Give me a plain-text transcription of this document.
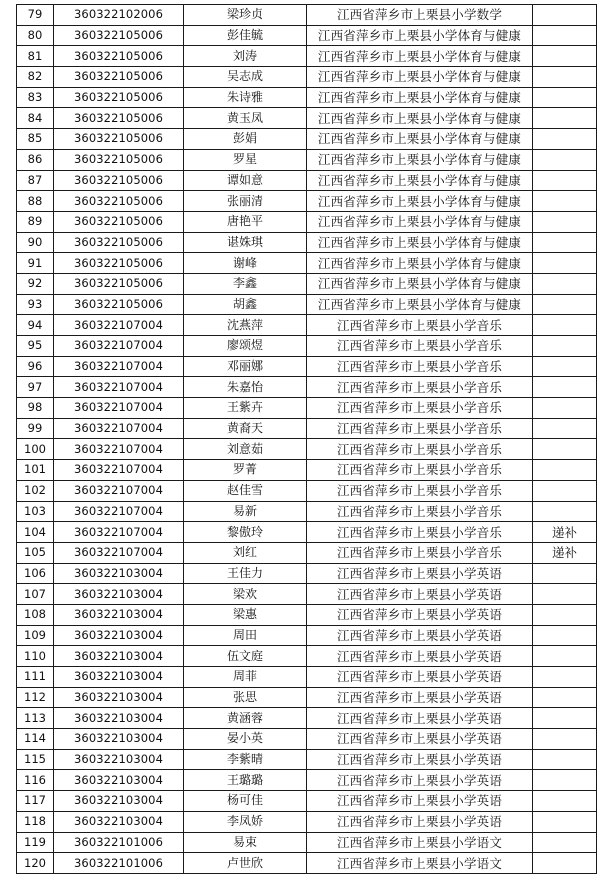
79	360322102006	梁珍贞	江西省萍乡市上栗县小学数学	
80	360322105006	彭佳毓	江西省萍乡市上栗县小学体育与健康	
81	360322105006	刘涛	江西省萍乡市上栗县小学体育与健康	
82	360322105006	吴志成	江西省萍乡市上栗县小学体育与健康	
83	360322105006	朱诗雅	江西省萍乡市上栗县小学体育与健康	
84	360322105006	黄玉凤	江西省萍乡市上栗县小学体育与健康	
85	360322105006	彭娟	江西省萍乡市上栗县小学体育与健康	
86	360322105006	罗星	江西省萍乡市上栗县小学体育与健康	
87	360322105006	谭如意	江西省萍乡市上栗县小学体育与健康	
88	360322105006	张丽清	江西省萍乡市上栗县小学体育与健康	
89	360322105006	唐艳平	江西省萍乡市上栗县小学体育与健康	
90	360322105006	谌姝琪	江西省萍乡市上栗县小学体育与健康	
91	360322105006	谢峰	江西省萍乡市上栗县小学体育与健康	
92	360322105006	李鑫	江西省萍乡市上栗县小学体育与健康	
93	360322105006	胡鑫	江西省萍乡市上栗县小学体育与健康	
94	360322107004	沈燕萍	江西省萍乡市上栗县小学音乐	
95	360322107004	廖颂煜	江西省萍乡市上栗县小学音乐	
96	360322107004	邓丽娜	江西省萍乡市上栗县小学音乐	
97	360322107004	朱嘉怡	江西省萍乡市上栗县小学音乐	
98	360322107004	王紫卉	江西省萍乡市上栗县小学音乐	
99	360322107004	黄裔天	江西省萍乡市上栗县小学音乐	
100	360322107004	刘意茹	江西省萍乡市上栗县小学音乐	
101	360322107004	罗菁	江西省萍乡市上栗县小学音乐	
102	360322107004	赵佳雪	江西省萍乡市上栗县小学音乐	
103	360322107004	易新	江西省萍乡市上栗县小学音乐	
104	360322107004	黎傲玲	江西省萍乡市上栗县小学音乐	递补
105	360322107004	刘红	江西省萍乡市上栗县小学音乐	递补
106	360322103004	王佳力	江西省萍乡市上栗县小学英语	
107	360322103004	梁欢	江西省萍乡市上栗县小学英语	
108	360322103004	梁惠	江西省萍乡市上栗县小学英语	
109	360322103004	周田	江西省萍乡市上栗县小学英语	
110	360322103004	伍文庭	江西省萍乡市上栗县小学英语	
111	360322103004	周菲	江西省萍乡市上栗县小学英语	
112	360322103004	张思	江西省萍乡市上栗县小学英语	
113	360322103004	黄涵蓉	江西省萍乡市上栗县小学英语	
114	360322103004	晏小英	江西省萍乡市上栗县小学英语	
115	360322103004	李紫晴	江西省萍乡市上栗县小学英语	
116	360322103004	王璐璐	江西省萍乡市上栗县小学英语	
117	360322103004	杨可佳	江西省萍乡市上栗县小学英语	
118	360322103004	李凤娇	江西省萍乡市上栗县小学英语	
119	360322101006	易束	江西省萍乡市上栗县小学语文	
120	360322101006	卢世欣	江西省萍乡市上栗县小学语文	
